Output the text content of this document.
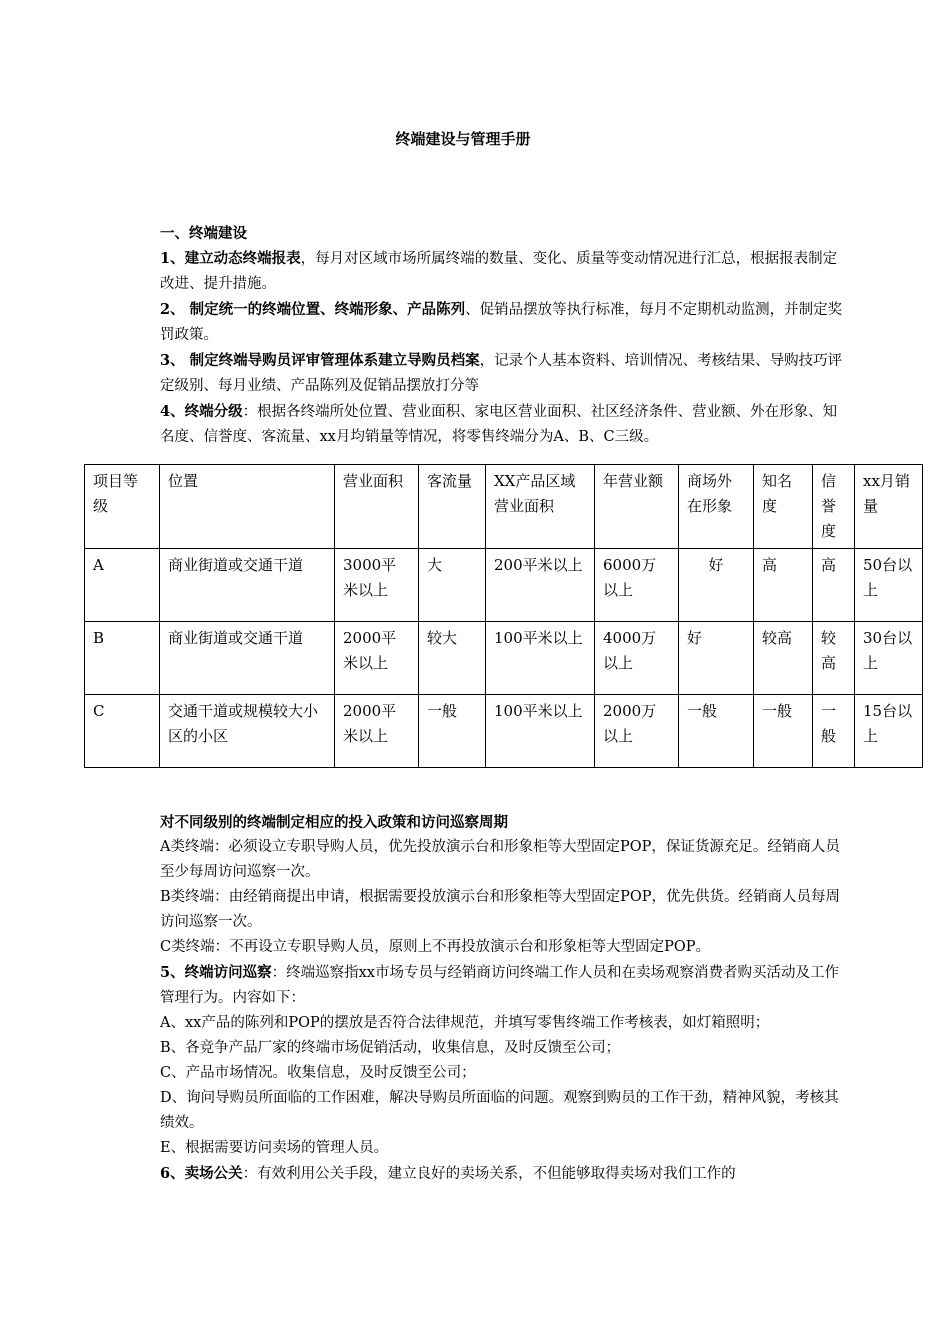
终端建设与管理手册
一、终端建设
1、建立动态终端报表，每月对区域市场所属终端的数量、变化、质量等变动情况进行汇总，根据报表制定改进、提升措施。
2、 制定统一的终端位置、终端形象、产品陈列、促销品摆放等执行标准，每月不定期机动监测，并制定奖罚政策。
3、 制定终端导购员评审管理体系建立导购员档案，记录个人基本资料、培训情况、考核结果、导购技巧评定级别、每月业绩、产品陈列及促销品摆放打分等
4、终端分级：根据各终端所处位置、营业面积、家电区营业面积、社区经济条件、营业额、外在形象、知名度、信誉度、客流量、xx月均销量等情况，将零售终端分为A、B、C三级。
项目等级	位置	营业面积	客流量	XX产品区域营业面积	年营业额	商场外在形象	知名度	信誉度	xx月销量
A	商业街道或交通干道	3000平米以上	大	200平米以上	6000万以上	好	高	高	50台以上
B	商业街道或交通干道	2000平米以上	较大	100平米以上	4000万以上	好	较高	较高	30台以上
C	交通干道或规模较大小区的小区	2000平米以上	一般	100平米以上	2000万以上	一般	一般	一般	15台以上
对不同级别的终端制定相应的投入政策和访问巡察周期
A类终端：必须设立专职导购人员，优先投放演示台和形象柜等大型固定POP，保证货源充足。经销商人员至少每周访问巡察一次。
B类终端：由经销商提出申请，根据需要投放演示台和形象柜等大型固定POP，优先供货。经销商人员每周访问巡察一次。
C类终端：不再设立专职导购人员，原则上不再投放演示台和形象柜等大型固定POP。
5、终端访问巡察：终端巡察指xx市场专员与经销商访问终端工作人员和在卖场观察消费者购买活动及工作管理行为。内容如下：
A、xx产品的陈列和POP的摆放是否符合法律规范，并填写零售终端工作考核表，如灯箱照明；
B、各竞争产品厂家的终端市场促销活动，收集信息，及时反馈至公司；
C、产品市场情况。收集信息，及时反馈至公司；
D、询问导购员所面临的工作困难，解决导购员所面临的问题。观察到购员的工作干劲，精神风貌，考核其绩效。
E、根据需要访问卖场的管理人员。
6、卖场公关：有效利用公关手段，建立良好的卖场关系，不但能够取得卖场对我们工作的
